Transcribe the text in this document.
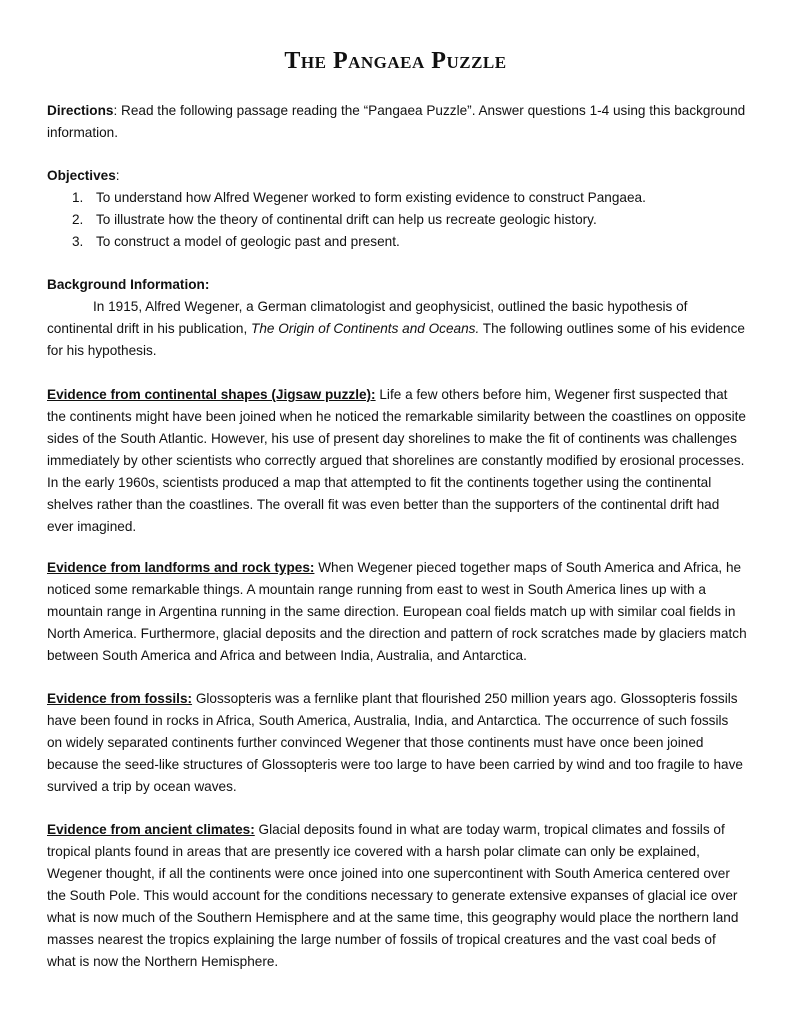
The Pangaea Puzzle
Directions: Read the following passage reading the “Pangaea Puzzle”. Answer questions 1-4 using this background information.
Objectives:
1. To understand how Alfred Wegener worked to form existing evidence to construct Pangaea.
2. To illustrate how the theory of continental drift can help us recreate geologic history.
3. To construct a model of geologic past and present.
Background Information:
In 1915, Alfred Wegener, a German climatologist and geophysicist, outlined the basic hypothesis of continental drift in his publication, The Origin of Continents and Oceans. The following outlines some of his evidence for his hypothesis.
Evidence from continental shapes (Jigsaw puzzle): Life a few others before him, Wegener first suspected that the continents might have been joined when he noticed the remarkable similarity between the coastlines on opposite sides of the South Atlantic. However, his use of present day shorelines to make the fit of continents was challenges immediately by other scientists who correctly argued that shorelines are constantly modified by erosional processes. In the early 1960s, scientists produced a map that attempted to fit the continents together using the continental shelves rather than the coastlines. The overall fit was even better than the supporters of the continental drift had ever imagined.
Evidence from landforms and rock types: When Wegener pieced together maps of South America and Africa, he noticed some remarkable things. A mountain range running from east to west in South America lines up with a mountain range in Argentina running in the same direction. European coal fields match up with similar coal fields in North America. Furthermore, glacial deposits and the direction and pattern of rock scratches made by glaciers match between South America and Africa and between India, Australia, and Antarctica.
Evidence from fossils: Glossopteris was a fernlike plant that flourished 250 million years ago. Glossopteris fossils have been found in rocks in Africa, South America, Australia, India, and Antarctica. The occurrence of such fossils on widely separated continents further convinced Wegener that those continents must have once been joined because the seed-like structures of Glossopteris were too large to have been carried by wind and too fragile to have survived a trip by ocean waves.
Evidence from ancient climates: Glacial deposits found in what are today warm, tropical climates and fossils of tropical plants found in areas that are presently ice covered with a harsh polar climate can only be explained, Wegener thought, if all the continents were once joined into one supercontinent with South America centered over the South Pole. This would account for the conditions necessary to generate extensive expanses of glacial ice over what is now much of the Southern Hemisphere and at the same time, this geography would place the northern land masses nearest the tropics explaining the large number of fossils of tropical creatures and the vast coal beds of what is now the Northern Hemisphere.
